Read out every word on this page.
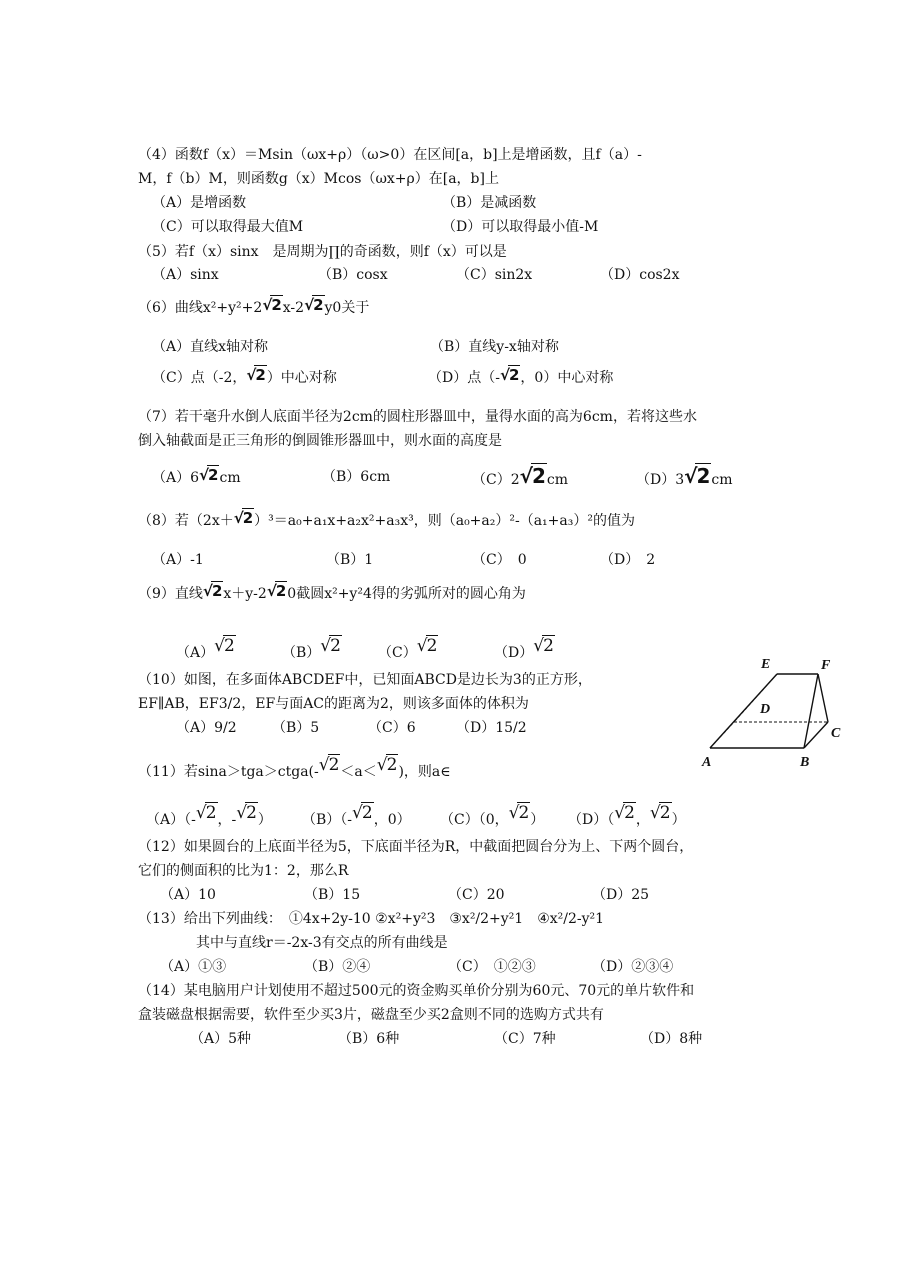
（4）函数f（x）＝Msin（ωx+ρ）（ω>0）在区间[a，b]上是增函数，且f（a）-
M，f（b）M，则函数g（x）Mcos（ωx+ρ）在[a，b]上
（A）是增函数	（B）是减函数
（C）可以取得最大值M	（D）可以取得最小值-M
（5）若f（x）sinx　是周期为∏的奇函数，则f（x）可以是
（A）sinx	（B）cosx	（C）sin2x	（D）cos2x
（6）曲线x²+y²+2√2x-2√2y0关于
（A）直线x轴对称	（B）直线y-x轴对称
（C）点（-2，√2）中心对称	（D）点（-√2，0）中心对称
（7）若干毫升水倒人底面半径为2cm的圆柱形器皿中，量得水面的高为6cm，若将这些水
倒入轴截面是正三角形的倒圆锥形器皿中，则水面的高度是
（A）6√2cm	（B）6cm	（C）2√2cm	（D）3√2cm
（8）若（2x＋√2）³＝a₀+a₁x+a₂x²+a₃x³，则（a₀+a₂）²-（a₁+a₃）²的值为
（A）-1	（B）1	（C）　0	（D）　2
（9）直线√2x＋y-2√20截圆x²+y²4得的劣弧所对的圆心角为
（A）√2	（B）√2	（C）√2	（D）√2
（10）如图，在多面体ABCDEF中，已知面ABCD是边长为3的正方形，
EF∥AB，EF3/2，EF与面AC的距离为2，则该多面体的体积为
（A）9/2	（B）5	（C）6	（D）15/2
E	F
D
C
A	B
（11）若sina＞tga＞ctga(-√2＜a＜√2)，则a∈
（A）（-√2，-√2） （B）（-√2，0） （C）（0，√2） （D）（√2，√2）
（12）如果圆台的上底面半径为5，下底面半径为R，中截面把圆台分为上、下两个圆台，
它们的侧面积的比为1：2，那么R
（A）10	（B）15	（C）20	（D）25
（13）给出下列曲线：　①4x+2y-10 ②x²+y²3　③x²/2+y²1　④x²/2-y²1
其中与直线r＝-2x-3有交点的所有曲线是
（A）①③	（B）②④	（C）　①②③	（D）②③④
（14）某电脑用户计划使用不超过500元的资金购买单价分别为60元、70元的单片软件和
盒装磁盘根据需要，软件至少买3片，磁盘至少买2盒则不同的选购方式共有
（A）5种	（B）6种	（C）7种	（D）8种
